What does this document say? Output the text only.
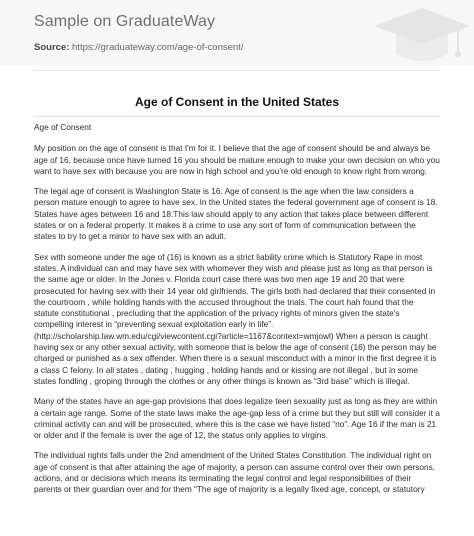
Sample on GraduateWay
Source: https://graduateway.com/age-of-consent/
Age of Consent in the United States

Age of Consent

My position on the age of consent is that I'm for it. I believe that the age of consent should be and always be age of 16, because once have turned 16 you should be mature enough to make your own decision on who you want to have sex with because you are now in high school and you're old enough to know right from wrong.

The legal age of consent is Washington State is 16. Age of consent is the age when the law considers a person mature enough to agree to have sex. In the United states the federal government age of consent is 18. States have ages between 16 and 18.This law should apply to any action that takes place between different states or on a federal property. It makes it a crime to use any sort of form of communication between the states to try to get a minor to have sex with an adult.

Sex with someone under the age of (16) is known as a strict liability crime which is Statutory Rape in most states. A individual can and may have sex with whomever they wish and please just as long as that person is the same age or older. In the Jones v. Florida court case there was two men age 19 and 20 that were prosecuted for having sex with their 14 year old girlfriends. The girls both had declared that their consented in the courtroom , while holding hands with the accused throughout the trials. The court hah found that the statute constitutional , precluding that the application of the privacy rights of minors given the state's compelling interest in “preventing sexual exploitation early in life”. (http://scholarship.law.wm.edu/cgi/viewcontent.cgi?article=1167&context=wmjowl) When a person is caught having sex or any other sexual activity, with someone that is below the age of consent (16) the person may be charged or punished as a sex offender. When there is a sexual misconduct with a minor in the first degree it is a class C felony. In all states , dating , hugging , holding hands and or kissing are not illegal , but in some states fondling , groping through the clothes or any other things is known as “3rd base” which is illegal.

Many of the states have an age-gap provisions that does legalize teen sexuality just as long as they are within a certain age range. Some of the state laws make the age-gap less of a crime but they but still will consider it a criminal activity can and will be prosecuted, where this is the case we have listed “no”. Age 16 if the man is 21 or older and if the female is over the age of 12, the status only applies to virgins.

The individual rights falls under the 2nd amendment of the United States Constitution. The individual right on age of consent is that after attaining the age of majority, a person can assume control over their own persons, actions, and or decisions which means its terminating the legal control and legal responsibilities of their parents or their guardian over and for them “The age of majority is a legally fixed age, concept, or statutory
